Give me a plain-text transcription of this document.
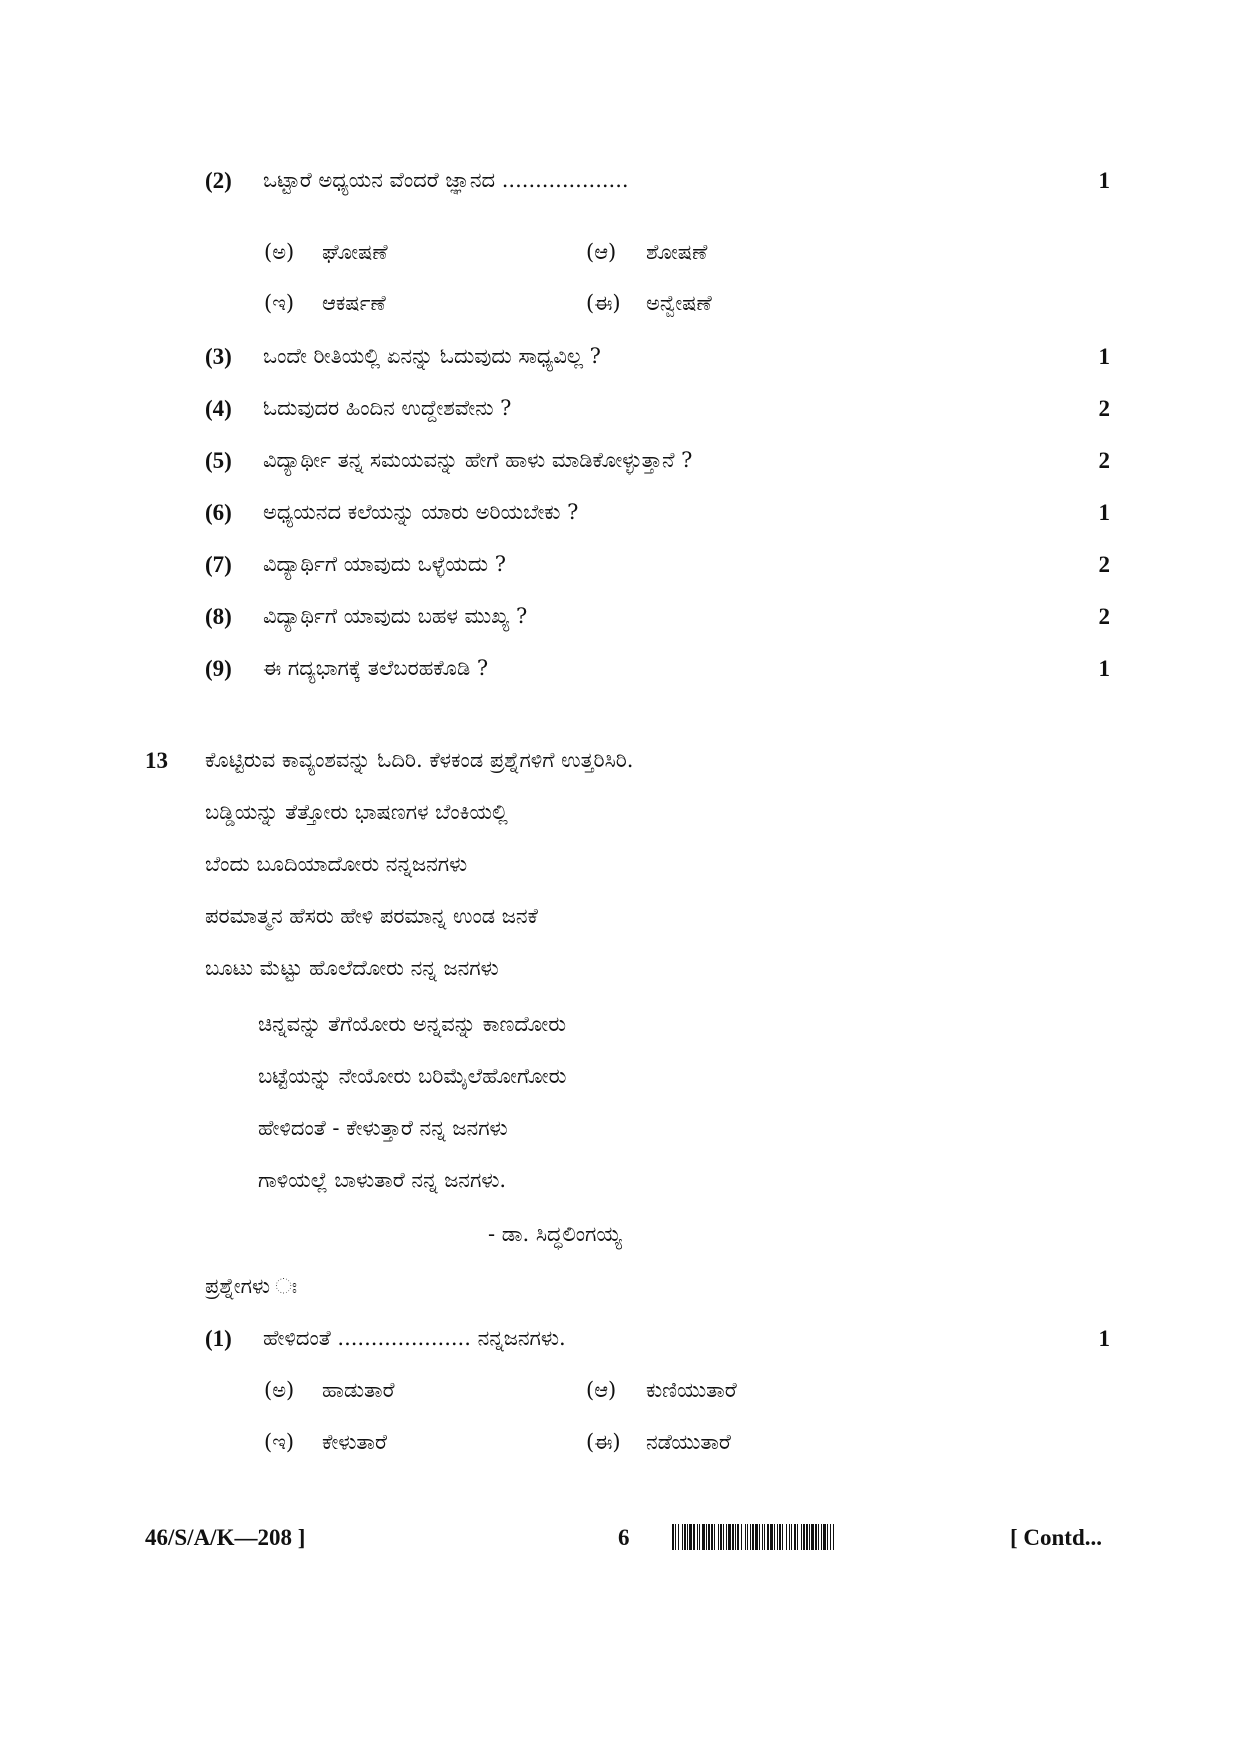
(2) ಒಟ್ಟಾರೆ ಅಧ್ಯಯನ ವೆಂದರೆ ಜ್ಞಾನದ ...................	1
(ಅ) ಘೋಷಣೆ	(ಆ) ಶೋಷಣೆ
(ಇ) ಆಕರ್ಷಣೆ	(ಈ) ಅನ್ವೇಷಣೆ
(3) ಒಂದೇ ರೀತಿಯಲ್ಲಿ ಏನನ್ನು ಓದುವುದು ಸಾಧ್ಯವಿಲ್ಲ ?	1
(4) ಓದುವುದರ ಹಿಂದಿನ ಉದ್ದೇಶವೇನು ?	2
(5) ವಿದ್ಯಾರ್ಥೀ ತನ್ನ ಸಮಯವನ್ನು ಹೇಗೆ ಹಾಳು ಮಾಡಿಕೋಳ್ಳುತ್ತಾನೆ ?	2
(6) ಅಧ್ಯಯನದ ಕಲೆಯನ್ನು ಯಾರು ಅರಿಯಬೇಕು ?	1
(7) ವಿದ್ಯಾರ್ಥಿಗೆ ಯಾವುದು ಒಳ್ಳೆಯದು ?	2
(8) ವಿದ್ಯಾರ್ಥಿಗೆ ಯಾವುದು ಬಹಳ ಮುಖ್ಯ ?	2
(9) ಈ ಗದ್ಯಭಾಗಕ್ಕೆ ತಲೆಬರಹಕೊಡಿ ?	1
13 ಕೊಟ್ಟಿರುವ ಕಾವ್ಯಂಶವನ್ನು ಓದಿರಿ. ಕೆಳಕಂಡ ಪ್ರಶ್ನೆಗಳಿಗೆ ಉತ್ತರಿಸಿರಿ.
ಬಡ್ಡಿಯನ್ನು ತೆತ್ತೋರು ಭಾಷಣಗಳ ಬೆಂಕಿಯಲ್ಲಿ
ಬೆಂದು ಬೂದಿಯಾದೋರು ನನ್ನಜನಗಳು
ಪರಮಾತ್ಮನ ಹೆಸರು ಹೇಳಿ ಪರಮಾನ್ನ ಉಂಡ ಜನಕೆ
ಬೂಟು ಮೆಟ್ಟು ಹೊಲೆದೋರು ನನ್ನ ಜನಗಳು
ಚಿನ್ನವನ್ನು ತೆಗೆಯೋರು ಅನ್ನವನ್ನು ಕಾಣದೋರು
ಬಟ್ಟೆಯನ್ನು ನೇಯೋರು ಬರಿಮೈಲೆಹೋಗೋರು
ಹೇಳಿದಂತೆ - ಕೇಳುತ್ತಾರೆ ನನ್ನ ಜನಗಳು
ಗಾಳಿಯಲ್ಲೆ ಬಾಳುತಾರೆ ನನ್ನ ಜನಗಳು.
- ಡಾ. ಸಿದ್ಧಲಿಂಗಯ್ಯ
ಪ್ರಶ್ನೇಗಳು ಃ
(1) ಹೇಳಿದಂತೆ .................... ನನ್ನಜನಗಳು.	1
(ಅ) ಹಾಡುತಾರೆ	(ಆ) ಕುಣಿಯುತಾರೆ
(ಇ) ಕೇಳುತಾರೆ	(ಈ) ನಡೆಯುತಾರೆ
46/S/A/K—208 ]	6	[ Contd...
